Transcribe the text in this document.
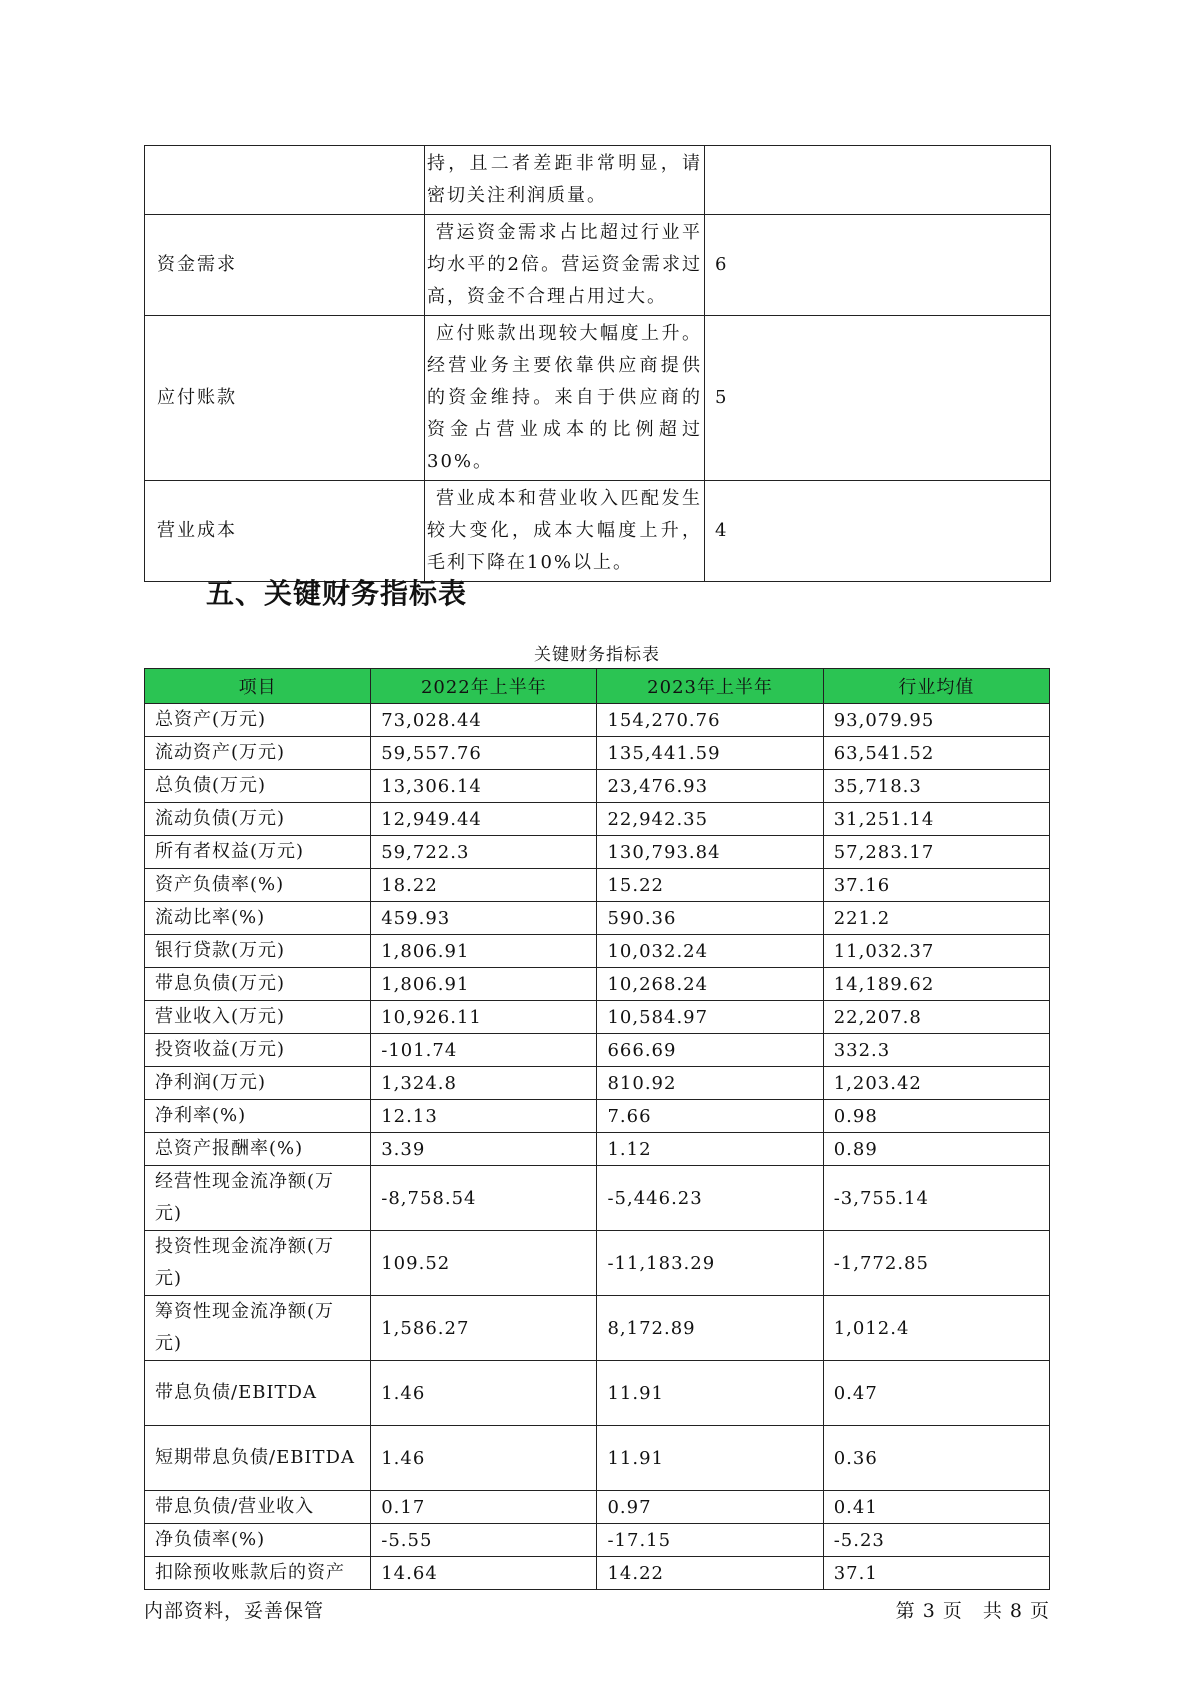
	持，且二者差距非常明显，请密切关注利润质量。	
资金需求	营运资金需求占比超过行业平均水平的2倍。营运资金需求过高，资金不合理占用过大。	6
应付账款	应付账款出现较大幅度上升。经营业务主要依靠供应商提供的资金维持。来自于供应商的资金占营业成本的比例超过30%。	5
营业成本	营业成本和营业收入匹配发生较大变化，成本大幅度上升，毛利下降在10%以上。	4
五、关键财务指标表
关键财务指标表
项目	2022年上半年	2023年上半年	行业均值
总资产(万元)	73,028.44	154,270.76	93,079.95
流动资产(万元)	59,557.76	135,441.59	63,541.52
总负债(万元)	13,306.14	23,476.93	35,718.3
流动负债(万元)	12,949.44	22,942.35	31,251.14
所有者权益(万元)	59,722.3	130,793.84	57,283.17
资产负债率(%)	18.22	15.22	37.16
流动比率(%)	459.93	590.36	221.2
银行贷款(万元)	1,806.91	10,032.24	11,032.37
带息负债(万元)	1,806.91	10,268.24	14,189.62
营业收入(万元)	10,926.11	10,584.97	22,207.8
投资收益(万元)	-101.74	666.69	332.3
净利润(万元)	1,324.8	810.92	1,203.42
净利率(%)	12.13	7.66	0.98
总资产报酬率(%)	3.39	1.12	0.89
经营性现金流净额(万元)	-8,758.54	-5,446.23	-3,755.14
投资性现金流净额(万元)	109.52	-11,183.29	-1,772.85
筹资性现金流净额(万元)	1,586.27	8,172.89	1,012.4
带息负债/EBITDA	1.46	11.91	0.47
短期带息负债/EBITDA	1.46	11.91	0.36
带息负债/营业收入	0.17	0.97	0.41
净负债率(%)	-5.55	-17.15	-5.23
扣除预收账款后的资产	14.64	14.22	37.1
内部资料，妥善保管	第 3 页　共 8 页
